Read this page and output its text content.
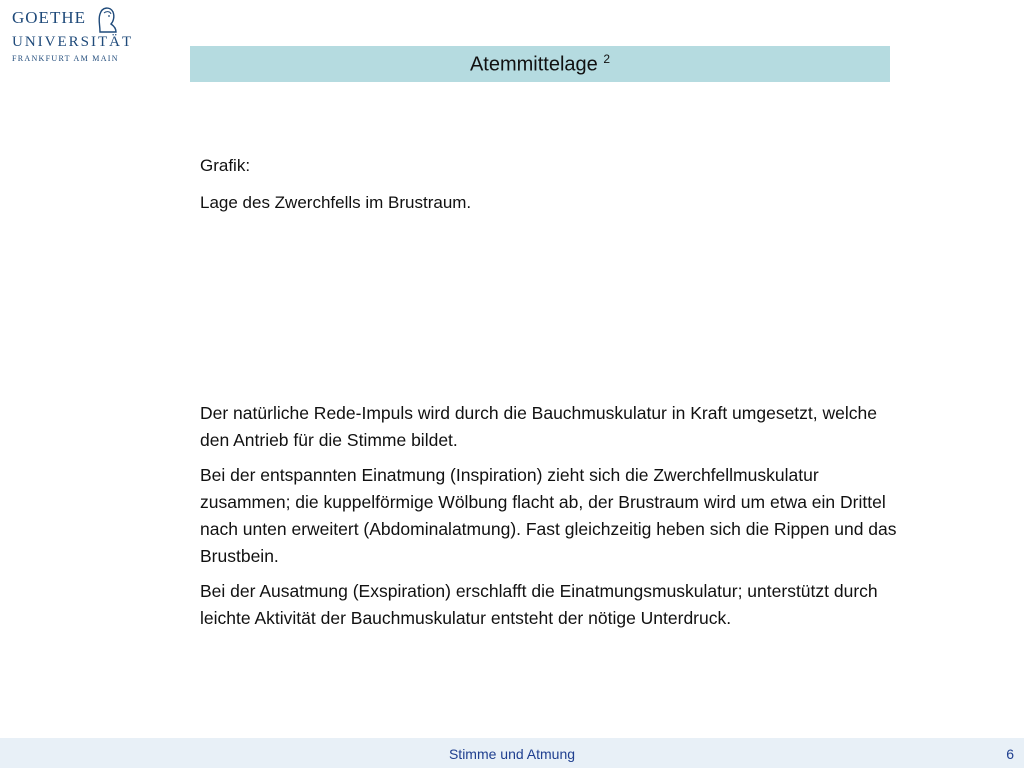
GOETHE
UNIVERSITÄT
FRANKFURT AM MAIN	Atemmittelage $^2$

Grafik:

Lage des Zwerchfells im Brustraum.

Der natürliche Rede-Impuls wird durch die Bauchmuskulatur in Kraft umgesetzt, welche den Antrieb für die Stimme bildet.

Bei der entspannten Einatmung (Inspiration) zieht sich die Zwerchfellmuskulatur zusammen; die kuppelförmige Wölbung flacht ab, der Brustraum wird um etwa ein Drittel nach unten erweitert (Abdominalatmung). Fast gleichzeitig heben sich die Rippen und das Brustbein.

Bei der Ausatmung (Exspiration) erschlafft die Einatmungsmuskulatur; unterstützt durch leichte Aktivität der Bauchmuskulatur entsteht der nötige Unterdruck.

Stimme und Atmung	6
